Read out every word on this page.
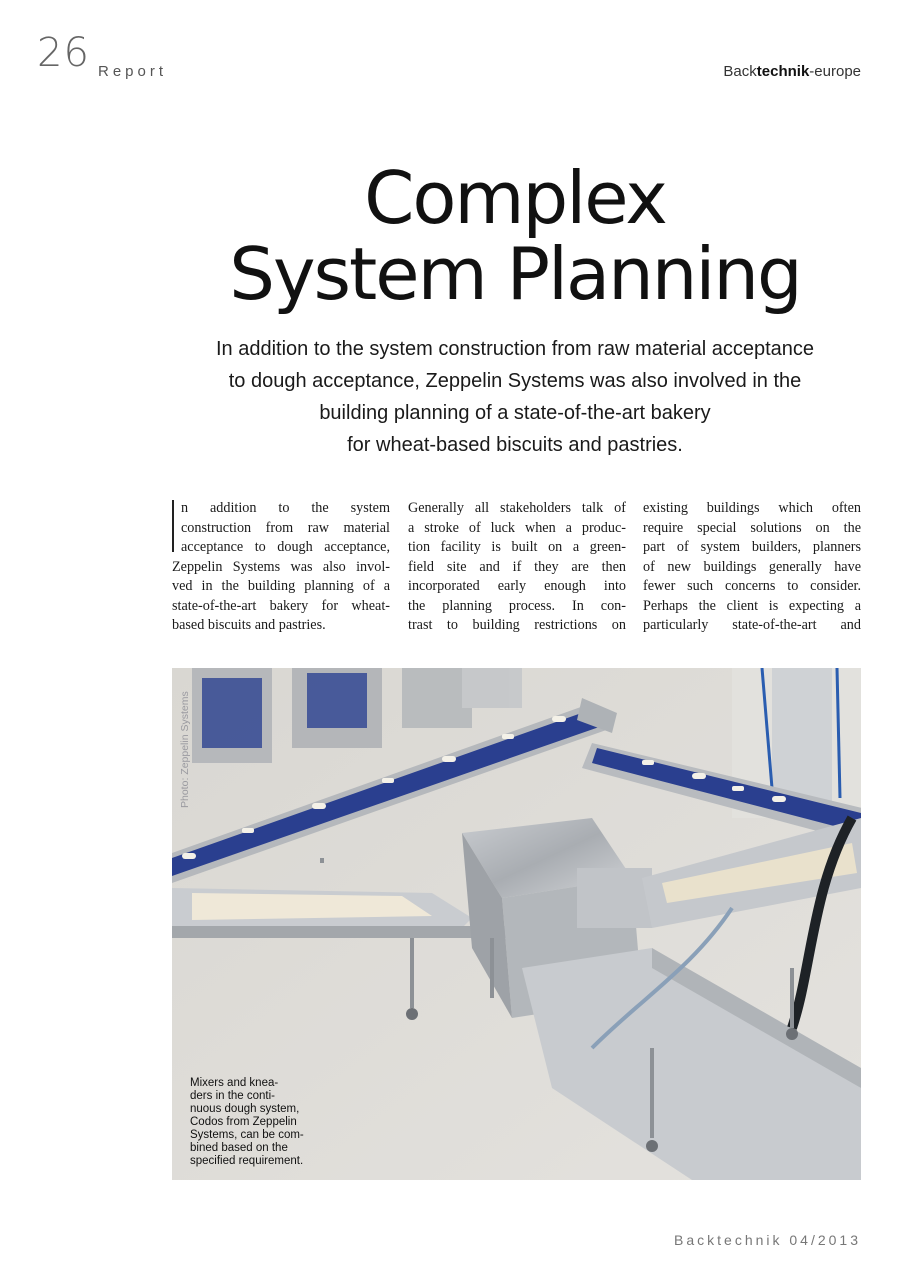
26 Report	Backtechnik-europe
Complex
System Planning

In addition to the system construction from raw material acceptance
to dough acceptance, Zeppelin Systems was also involved in the
building planning of a state-of-the-art bakery
for wheat-based biscuits and pastries.

n addition to the system
construction from raw material
acceptance to dough acceptance,
Zeppelin Systems was also invol-
ved in the building planning of a
state-of-the-art bakery for wheat-
based biscuits and pastries.
Generally all stakeholders talk of
a stroke of luck when a produc-
tion facility is built on a green-
field site and if they are then
incorporated early enough into
the planning process. In con-
trast to building restrictions on
existing buildings which often
require special solutions on the
part of system builders, planners
of new buildings generally have
fewer such concerns to consider.
Perhaps the client is expecting a
particularly state-of-the-art and
Photo: Zeppelin Systems
Mixers and knea-
ders in the conti-
nuous dough system,
Codos from Zeppelin
Systems, can be com-
bined based on the
specified requirement.
Backtechnik 04/2013
